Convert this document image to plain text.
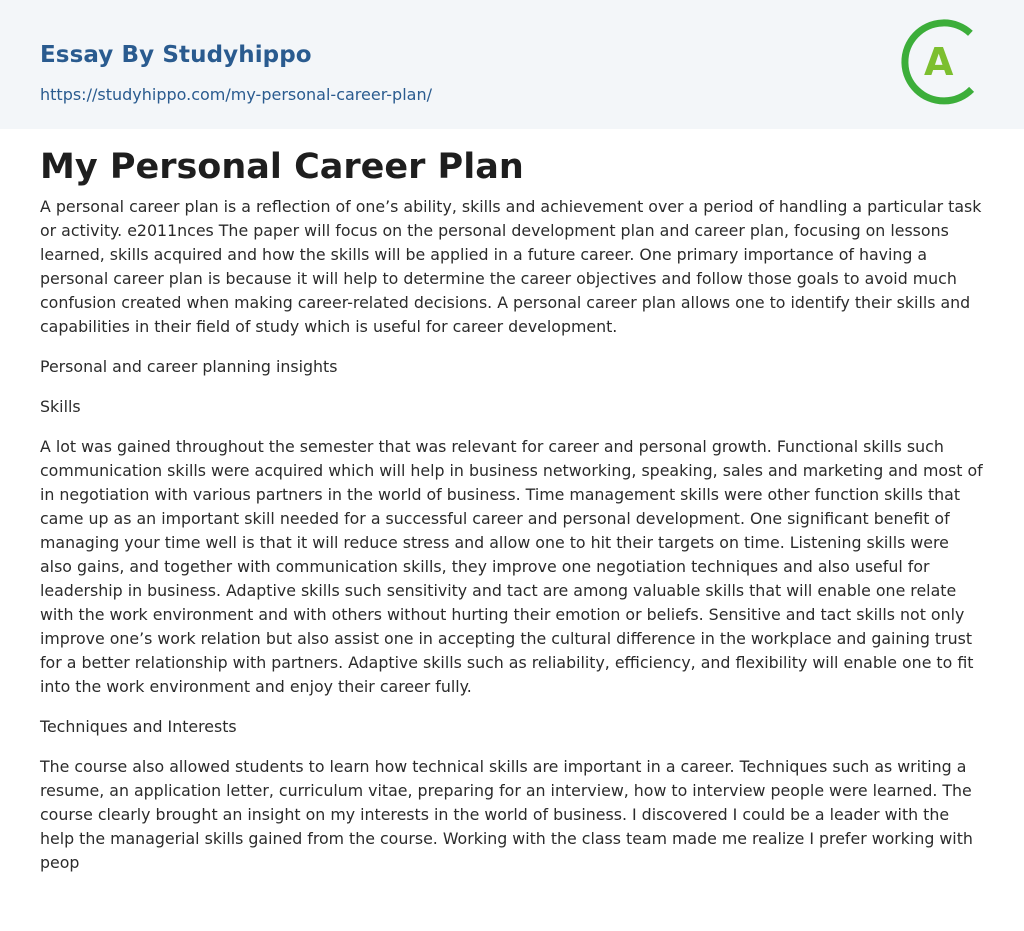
Essay By Studyhippo
https://studyhippo.com/my-personal-career-plan/
A
My Personal Career Plan

A personal career plan is a reflection of one’s ability, skills and achievement over a period of handling a particular task or activity. e2011nces The paper will focus on the personal development plan and career plan, focusing on lessons learned, skills acquired and how the skills will be applied in a future career. One primary importance of having a personal career plan is because it will help to determine the career objectives and follow those goals to avoid much confusion created when making career-related decisions. A personal career plan allows one to identify their skills and capabilities in their field of study which is useful for career development.

Personal and career planning insights

Skills

A lot was gained throughout the semester that was relevant for career and personal growth. Functional skills such communication skills were acquired which will help in business networking, speaking, sales and marketing and most of in negotiation with various partners in the world of business. Time management skills were other function skills that came up as an important skill needed for a successful career and personal development. One significant benefit of managing your time well is that it will reduce stress and allow one to hit their targets on time. Listening skills were also gains, and together with communication skills, they improve one negotiation techniques and also useful for leadership in business. Adaptive skills such sensitivity and tact are among valuable skills that will enable one relate with the work environment and with others without hurting their emotion or beliefs. Sensitive and tact skills not only improve one’s work relation but also assist one in accepting the cultural difference in the workplace and gaining trust for a better relationship with partners. Adaptive skills such as reliability, efficiency, and flexibility will enable one to fit into the work environment and enjoy their career fully.

Techniques and Interests

The course also allowed students to learn how technical skills are important in a career. Techniques such as writing a resume, an application letter, curriculum vitae, preparing for an interview, how to interview people were learned. The course clearly brought an insight on my interests in the world of business. I discovered I could be a leader with the help the managerial skills gained from the course. Working with the class team made me realize I prefer working with peop
